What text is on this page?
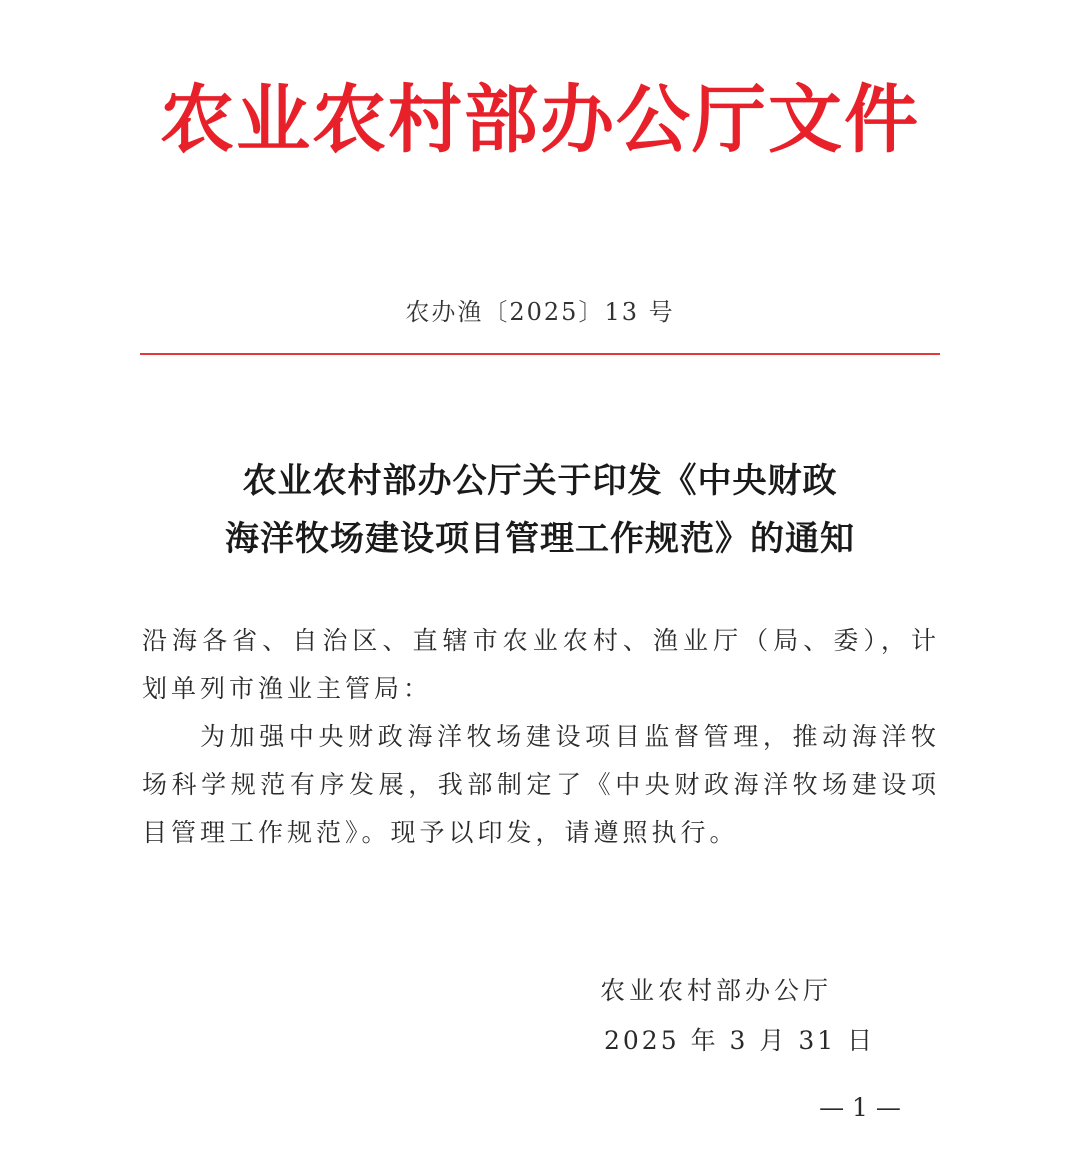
农业农村部办公厅文件
农办渔〔2025〕13 号
农业农村部办公厅关于印发《中央财政
海洋牧场建设项目管理工作规范》的通知

沿海各省、自治区、直辖市农业农村、渔业厅（局、委），计划单列市渔业主管局：

为加强中央财政海洋牧场建设项目监督管理，推动海洋牧场科学规范有序发展，我部制定了《中央财政海洋牧场建设项目管理工作规范》。现予以印发，请遵照执行。

农业农村部办公厅
2025 年 3 月 31 日
— 1 —
